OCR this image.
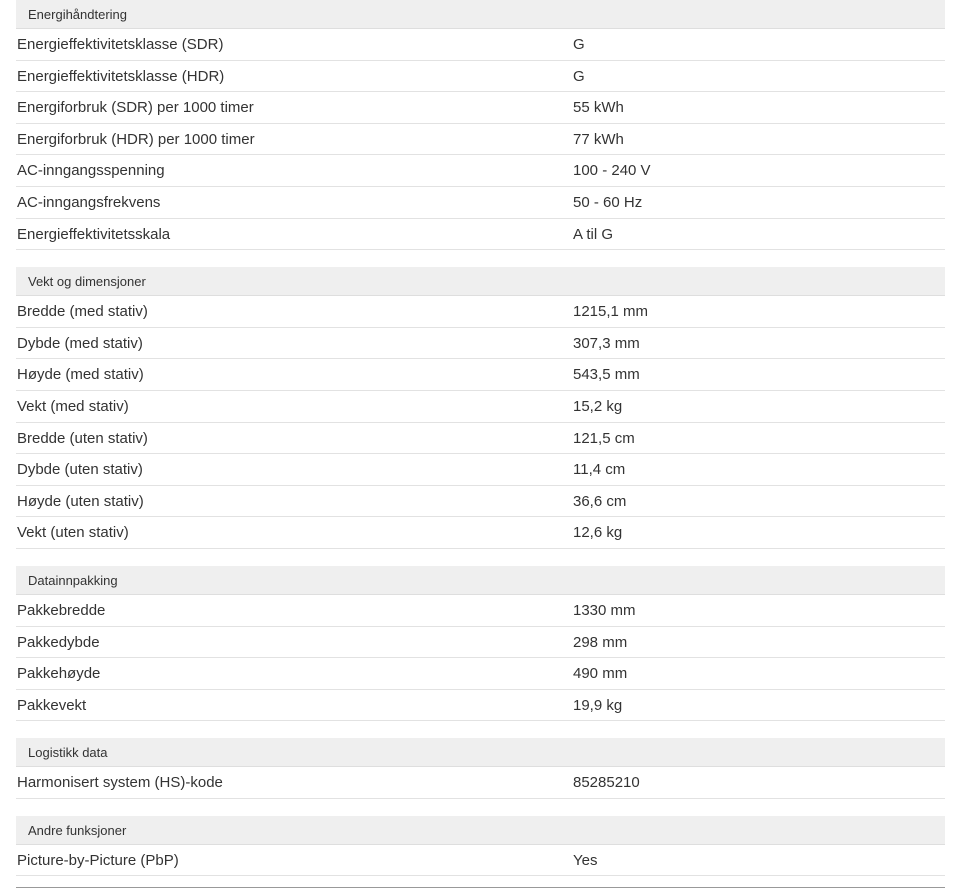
Energihåndtering
Energieffektivitetsklasse (SDR)	G
Energieffektivitetsklasse (HDR)	G
Energiforbruk (SDR) per 1000 timer	55 kWh
Energiforbruk (HDR) per 1000 timer	77 kWh
AC-inngangsspenning	100 - 240 V
AC-inngangsfrekvens	50 - 60 Hz
Energieffektivitetsskala	A til G
Vekt og dimensjoner
Bredde (med stativ)	1215,1 mm
Dybde (med stativ)	307,3 mm
Høyde (med stativ)	543,5 mm
Vekt (med stativ)	15,2 kg
Bredde (uten stativ)	121,5 cm
Dybde (uten stativ)	11,4 cm
Høyde (uten stativ)	36,6 cm
Vekt (uten stativ)	12,6 kg
Datainnpakking
Pakkebredde	1330 mm
Pakkedybde	298 mm
Pakkehøyde	490 mm
Pakkevekt	19,9 kg
Logistikk data
Harmonisert system (HS)-kode	85285210
Andre funksjoner
Picture-by-Picture (PbP)	Yes
